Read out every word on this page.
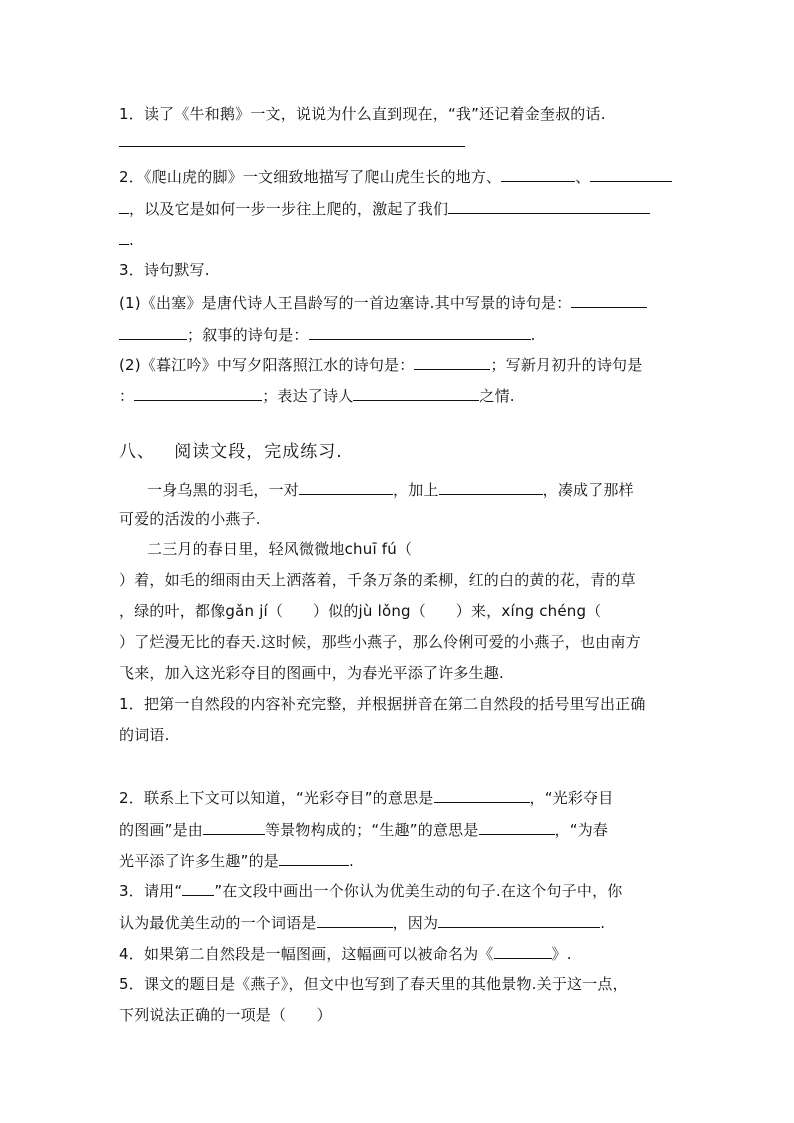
1．读了《牛和鹅》一文，说说为什么直到现在，“我”还记着金奎叔的话.
2．《爬山虎的脚》一文细致地描写了爬山虎生长的地方、	、
，以及它是如何一步一步往上爬的，激起了我们
.
3．诗句默写.
(1)《出塞》是唐代诗人王昌龄写的一首边塞诗.其中写景的诗句是：
；叙事的诗句是：	.
(2)《暮江吟》中写夕阳落照江水的诗句是：	；写新月初升的诗句是
：	；表达了诗人	之情.
八、 阅读文段，完成练习.
一身乌黑的羽毛，一对	，加上	，凑成了那样
可爱的活泼的小燕子.
二三月的春日里，轻风微微地chuī fú（
）着，如毛的细雨由天上洒落着，千条万条的柔柳，红的白的黄的花，青的草
，绿的叶，都像gǎn jí（ ）似的jù lǒng（ ）来，xíng chéng（
）了烂漫无比的春天.这时候，那些小燕子，那么伶俐可爱的小燕子，也由南方
飞来，加入这光彩夺目的图画中，为春光平添了许多生趣.
1．把第一自然段的内容补充完整，并根据拼音在第二自然段的括号里写出正确
的词语.
2．联系上下文可以知道，“光彩夺目”的意思是	，“光彩夺目
的图画”是由	等景物构成的；“生趣”的意思是	，“为春
光平添了许多生趣”的是	.
3．请用“ ”在文段中画出一个你认为优美生动的句子.在这个句子中，你
认为最优美生动的一个词语是	，因为	.
4．如果第二自然段是一幅图画，这幅画可以被命名为《	》.
5．课文的题目是《燕子》，但文中也写到了春天里的其他景物.关于这一点，
下列说法正确的一项是（　　）
